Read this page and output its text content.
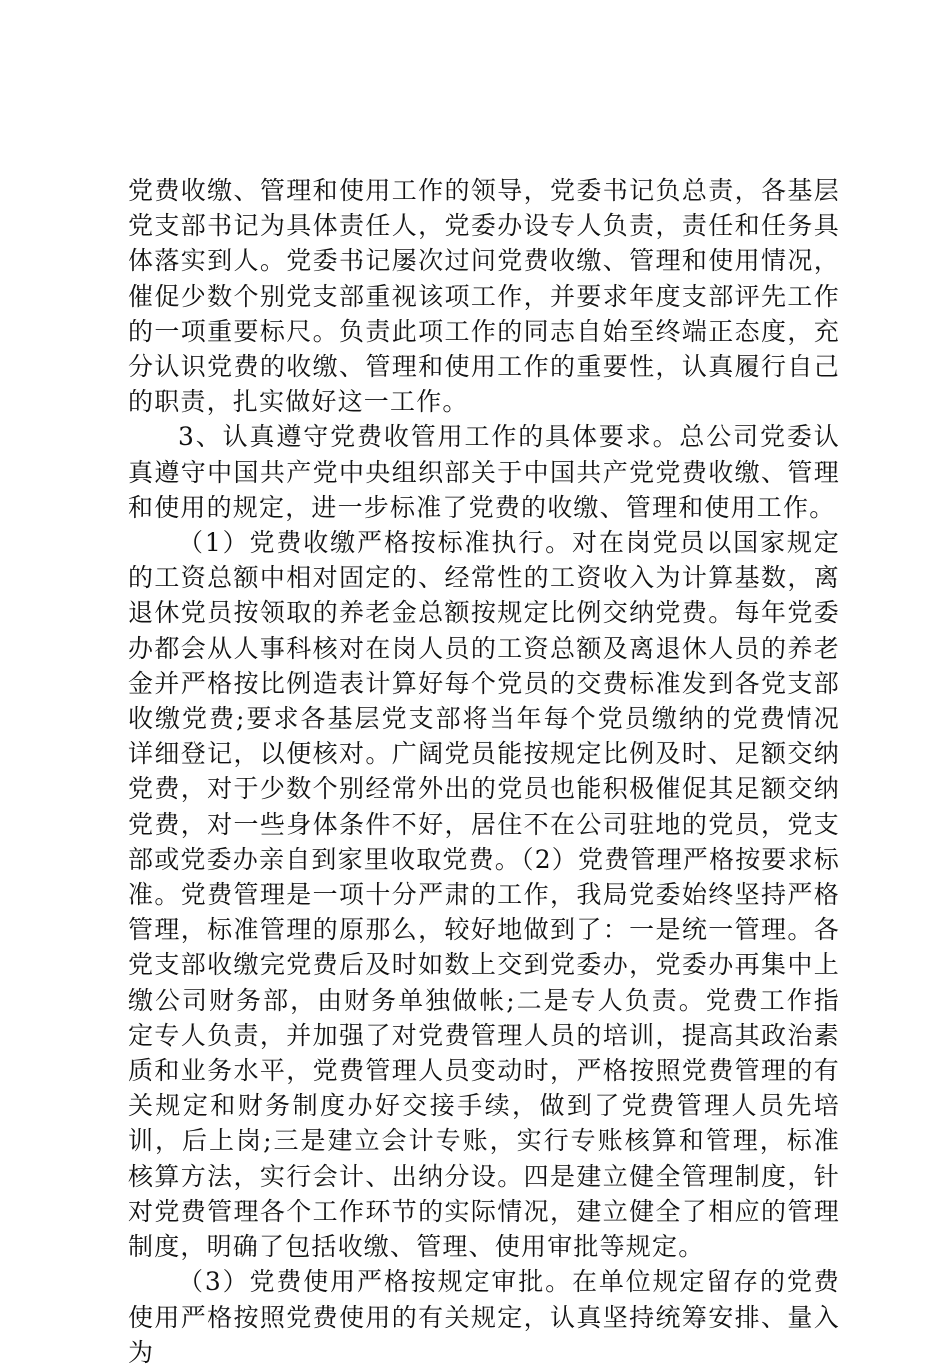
党费收缴、管理和使用工作的领导，党委书记负总责，各基层党支部书记为具体责任人，党委办设专人负责，责任和任务具体落实到人。党委书记屡次过问党费收缴、管理和使用情况，催促少数个别党支部重视该项工作，并要求年度支部评先工作的一项重要标尺。负责此项工作的同志自始至终端正态度，充分认识党费的收缴、管理和使用工作的重要性，认真履行自己的职责，扎实做好这一工作。

3、认真遵守党费收管用工作的具体要求。总公司党委认真遵守中国共产党中央组织部关于中国共产党党费收缴、管理和使用的规定，进一步标准了党费的收缴、管理和使用工作。

（1）党费收缴严格按标准执行。对在岗党员以国家规定的工资总额中相对固定的、经常性的工资收入为计算基数，离退休党员按领取的养老金总额按规定比例交纳党费。每年党委办都会从人事科核对在岗人员的工资总额及离退休人员的养老金并严格按比例造表计算好每个党员的交费标准发到各党支部收缴党费;要求各基层党支部将当年每个党员缴纳的党费情况详细登记，以便核对。广阔党员能按规定比例及时、足额交纳党费，对于少数个别经常外出的党员也能积极催促其足额交纳党费，对一些身体条件不好，居住不在公司驻地的党员，党支部或党委办亲自到家里收取党费。（2）党费管理严格按要求标准。党费管理是一项十分严肃的工作，我局党委始终坚持严格管理，标准管理的原那么，较好地做到了：一是统一管理。各党支部收缴完党费后及时如数上交到党委办，党委办再集中上缴公司财务部，由财务单独做帐;二是专人负责。党费工作指定专人负责，并加强了对党费管理人员的培训，提高其政治素质和业务水平，党费管理人员变动时，严格按照党费管理的有关规定和财务制度办好交接手续，做到了党费管理人员先培训，后上岗;三是建立会计专账，实行专账核算和管理，标准核算方法，实行会计、出纳分设。四是建立健全管理制度，针对党费管理各个工作环节的实际情况，建立健全了相应的管理制度，明确了包括收缴、管理、使用审批等规定。

（3）党费使用严格按规定审批。在单位规定留存的党费使用严格按照党费使用的有关规定，认真坚持统筹安排、量入为
